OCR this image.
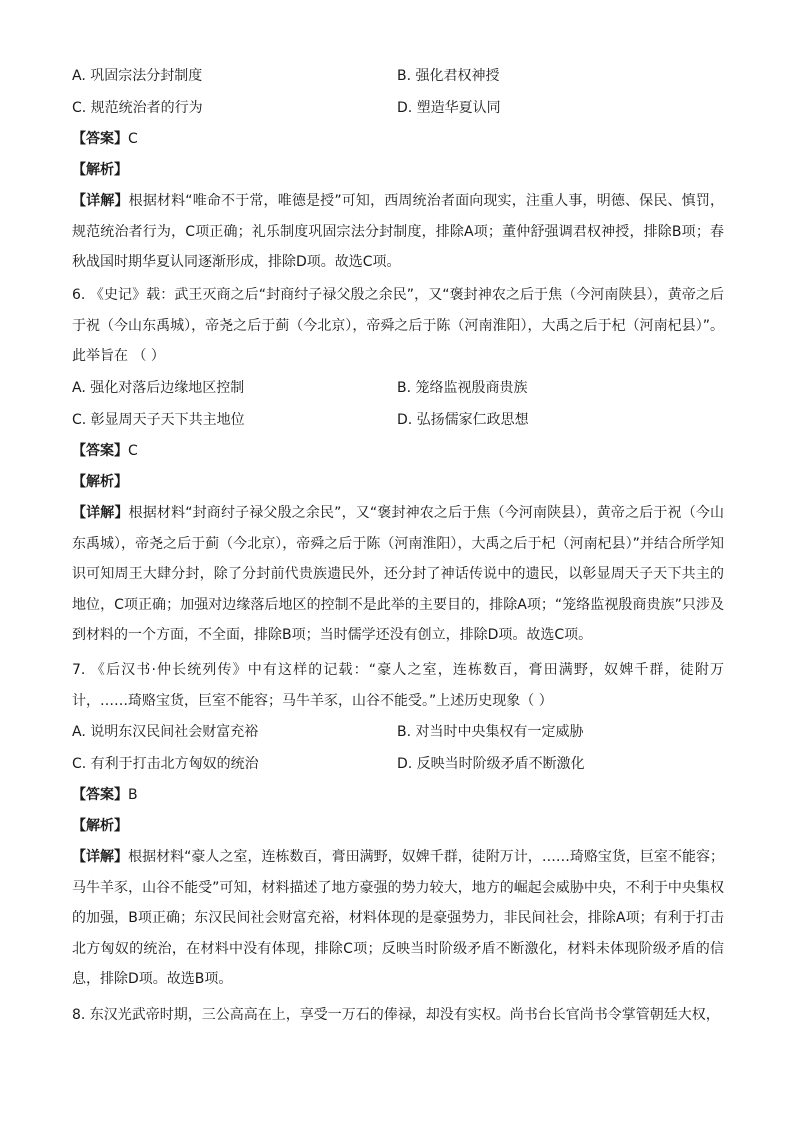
A. 巩固宗法分封制度	B. 强化君权神授
C. 规范统治者的行为	D. 塑造华夏认同
【答案】C
【解析】
【详解】根据材料“唯命不于常，唯德是授”可知，西周统治者面向现实，注重人事，明德、保民、慎罚，规范统治者行为，C项正确；礼乐制度巩固宗法分封制度，排除A项；董仲舒强调君权神授，排除B项；春秋战国时期华夏认同逐渐形成，排除D项。故选C项。
6. 《史记》载：武王灭商之后“封商纣子禄父殷之余民”，又“褒封神农之后于焦（今河南陕县），黄帝之后于祝（今山东禹城），帝尧之后于蓟（今北京），帝舜之后于陈（河南淮阳），大禹之后于杞（河南杞县）”。此举旨在 （ ）
A. 强化对落后边缘地区控制	B. 笼络监视殷商贵族
C. 彰显周天子天下共主地位	D. 弘扬儒家仁政思想
【答案】C
【解析】
【详解】根据材料“封商纣子禄父殷之余民”，又“褒封神农之后于焦（今河南陕县），黄帝之后于祝（今山东禹城），帝尧之后于蓟（今北京），帝舜之后于陈（河南淮阳），大禹之后于杞（河南杞县）”并结合所学知识可知周王大肆分封，除了分封前代贵族遗民外，还分封了神话传说中的遗民，以彰显周天子天下共主的地位，C项正确；加强对边缘落后地区的控制不是此举的主要目的，排除A项；“笼络监视殷商贵族”只涉及到材料的一个方面，不全面，排除B项；当时儒学还没有创立，排除D项。故选C项。
7. 《后汉书·仲长统列传》中有这样的记载：“豪人之室，连栋数百，膏田满野，奴婢千群，徒附万计，……琦赂宝货，巨室不能容；马牛羊豕，山谷不能受。”上述历史现象（ ）
A. 说明东汉民间社会财富充裕	B. 对当时中央集权有一定威胁
C. 有利于打击北方匈奴的统治	D. 反映当时阶级矛盾不断激化
【答案】B
【解析】
【详解】根据材料“豪人之室，连栋数百，膏田满野，奴婢千群，徒附万计，……琦赂宝货，巨室不能容；马牛羊豕，山谷不能受”可知，材料描述了地方豪强的势力较大，地方的崛起会威胁中央，不利于中央集权的加强，B项正确；东汉民间社会财富充裕，材料体现的是豪强势力，非民间社会，排除A项；有利于打击北方匈奴的统治，在材料中没有体现，排除C项；反映当时阶级矛盾不断激化，材料未体现阶级矛盾的信息，排除D项。故选B项。
8. 东汉光武帝时期，三公高高在上，享受一万石的俸禄，却没有实权。尚书台长官尚书令掌管朝廷大权，
